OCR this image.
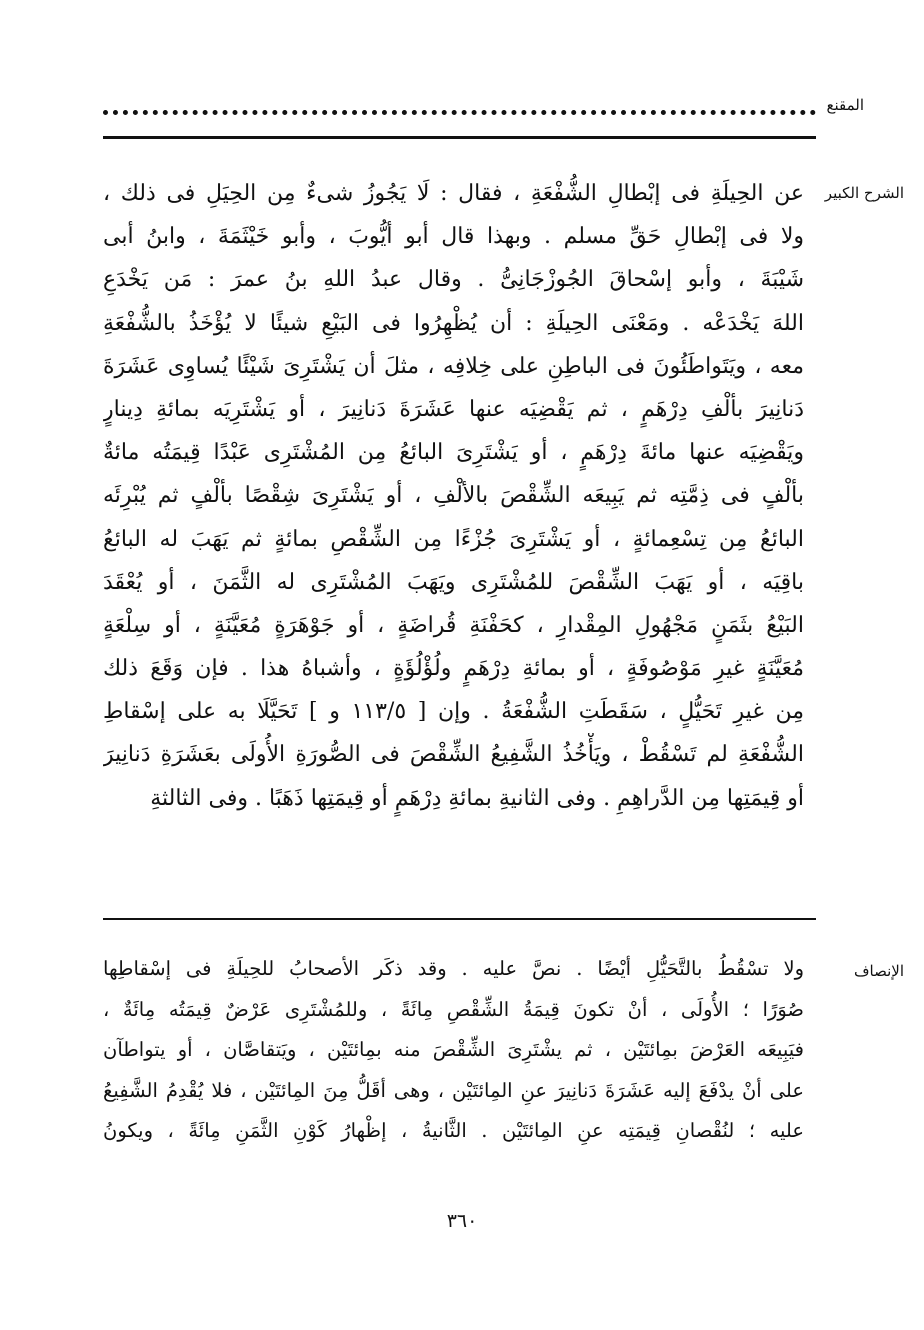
المقنع
الشرح الكبير
عن الحِيلَةِ فى إبْطالِ الشُّفْعَةِ ، فقال : لَا يَجُوزُ شىءٌ مِن الحِيَلِ فى ذلك ،
ولا فى إبْطالِ حَقِّ مسلم . وبهذا قال أبو أيُّوبَ ، وأبو خَيْثَمَةَ ، وابنُ أبى
شَيْبَةَ ، وأبو إسْحاقَ الجُوزْجَانِىُّ . وقال عبدُ اللهِ بنُ عمرَ : مَن يَخْدَعِ
اللهَ يَخْدَعْه . ومَعْنَى الحِيلَةِ : أن يُظْهِرُوا فى البَيْعِ شيئًا لا يُؤْخَذُ بالشُّفْعَةِ
معه ، ويَتَواطَئُونَ فى الباطِنِ على خِلافِه ، مثلَ أن يَشْتَرِىَ شَيْئًا يُساوِى عَشَرَةَ
دَنانِيرَ بألْفِ دِرْهَمٍ ، ثم يَقْضِيَه عنها عَشَرَةَ دَنانِيرَ ، أو يَشْتَرِيَه بمائةِ دِينارٍ
ويَقْضِيَه عنها مائةَ دِرْهَمٍ ، أو يَشْتَرِىَ البائعُ مِن المُشْتَرِى عَبْدًا قِيمَتُه مائةٌ
بألْفٍ فى ذِمَّتِه ثم يَبِيعَه الشِّقْصَ بالألْفِ ، أو يَشْتَرِىَ شِقْصًا بألْفٍ ثم يُبْرِئَه
البائعُ مِن تِسْعِمائةٍ ، أو يَشْتَرِىَ جُزْءًا مِن الشِّقْصِ بمائةٍ ثم يَهَبَ له البائعُ
باقِيَه ، أو يَهَبَ الشِّقْصَ للمُشْتَرِى ويَهَبَ المُشْتَرِى له الثَّمَنَ ، أو يُعْقَدَ
البَيْعُ بثَمَنٍ مَجْهُولِ المِقْدارِ ، كحَفْنَةِ قُراضَةٍ ، أو جَوْهَرَةٍ مُعَيَّنَةٍ ، أو سِلْعَةٍ
مُعَيَّنَةٍ غيرِ مَوْصُوفَةٍ ، أو بمائةِ دِرْهَمٍ ولُؤْلُؤَةٍ ، وأشباهُ هذا . فإن وَقَعَ ذلك
مِن غيرِ تَحَيُّلٍ ، سَقَطَتِ الشُّفْعَةُ . وإن [ ١١٣/٥ و ] تَحَيَّلَا به على إسْقاطِ
الشُّفْعَةِ لم تَسْقُطْ ، ويَأْخُذُ الشَّفِيعُ الشِّقْصَ فى الصُّورَةِ الأُولَى بعَشَرَةِ دَنانِيرَ
أو قِيمَتِها مِن الدَّراهِمِ . وفى الثانيةِ بمائةِ دِرْهَمٍ أو قِيمَتِها ذَهَبًا . وفى الثالثةِ
الإنصاف
ولا تسْقُطُ بالتَّحَيُّلِ أيْضًا . نصَّ عليه . وقد ذكَر الأصحابُ للحِيلَةِ فى إسْقاطِها
صُوَرًا ؛ الأُولَى ، أنْ تكونَ قِيمَةُ الشِّقْصِ مِائَةً ، وللمُشْتَرِى عَرْضٌ قِيمَتُه مِائَةٌ ،
فيَبِيعَه العَرْضَ بمِائتَيْن ، ثم يشْتَرِىَ الشِّقْصَ منه بمِائتَيْن ، ويَتقاصَّان ، أو يتواطآن
على أنْ يدْفَعَ إليه عَشَرَةَ دَنانِيرَ عنِ المِائتَيْن ، وهى أقَلُّ مِنَ المِائتَيْن ، فلا يُقْدِمُ الشَّفِيعُ
عليه ؛ لنُقْصانِ قِيمَتِه عنِ المِائتَيْن . الثَّانيةُ ، إظْهارُ كَوْنِ الثَّمَنِ مِائَةً ، ويكونُ
٣٦٠
